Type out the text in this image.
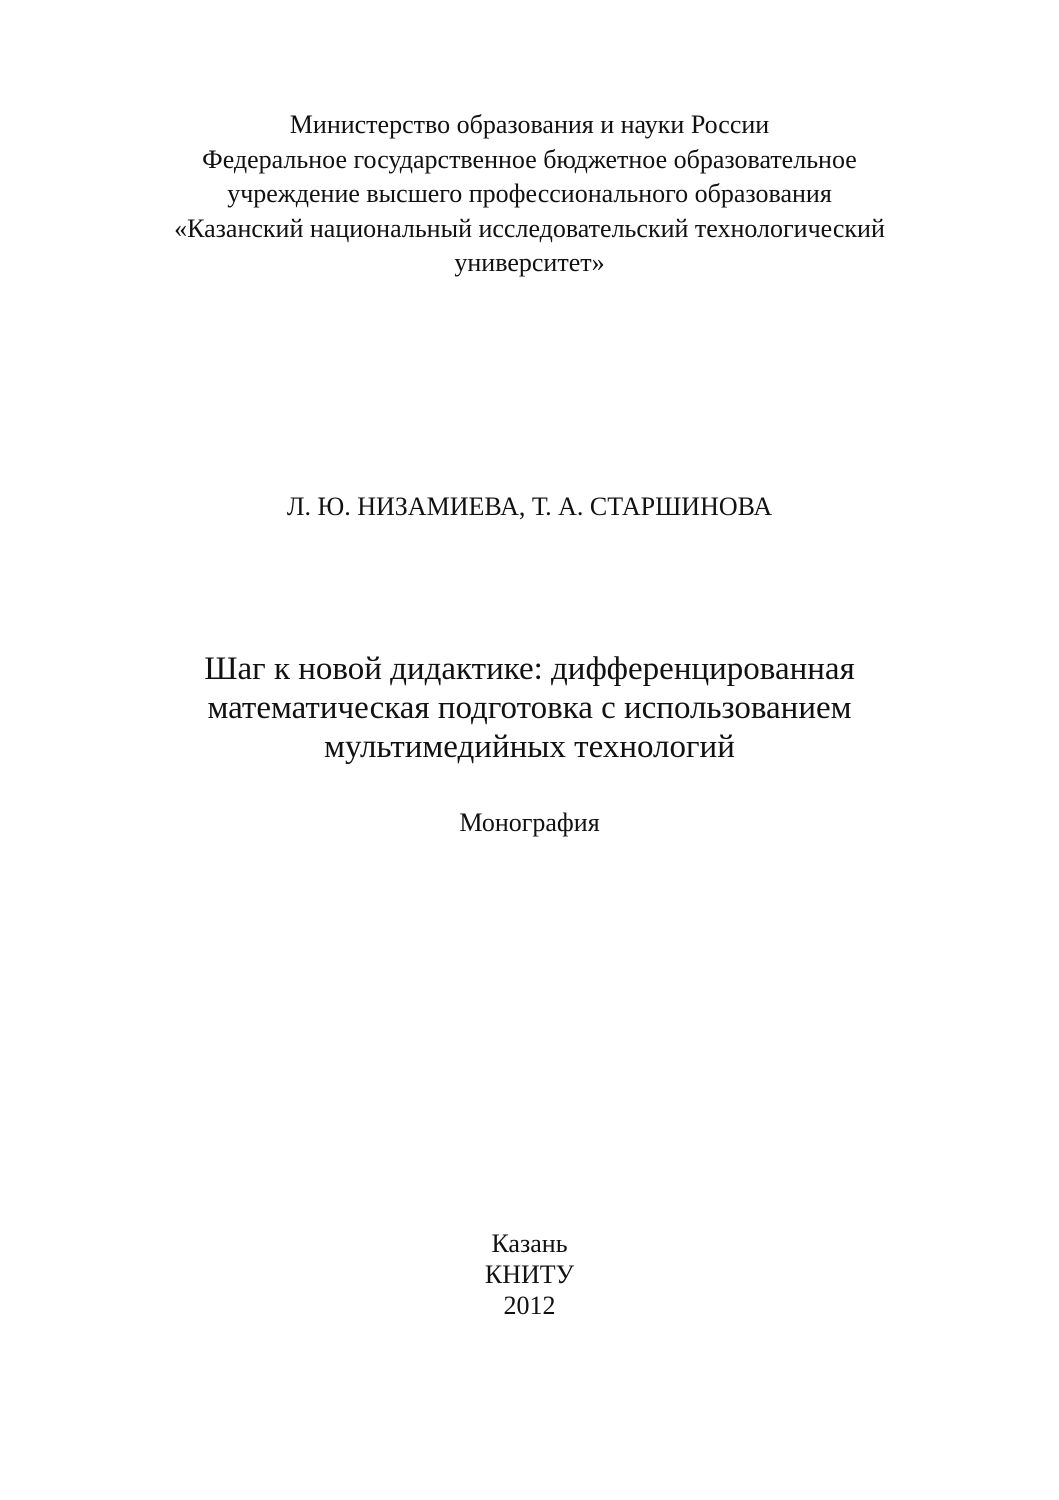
Министерство образования и науки России
Федеральное государственное бюджетное образовательное
учреждение высшего профессионального образования
«Казанский национальный исследовательский технологический
университет»
Л. Ю. НИЗАМИЕВА, Т. А. СТАРШИНОВА
Шаг к новой дидактике: дифференцированная
математическая подготовка с использованием
мультимедийных технологий
Монография
Казань
КНИТУ
2012
